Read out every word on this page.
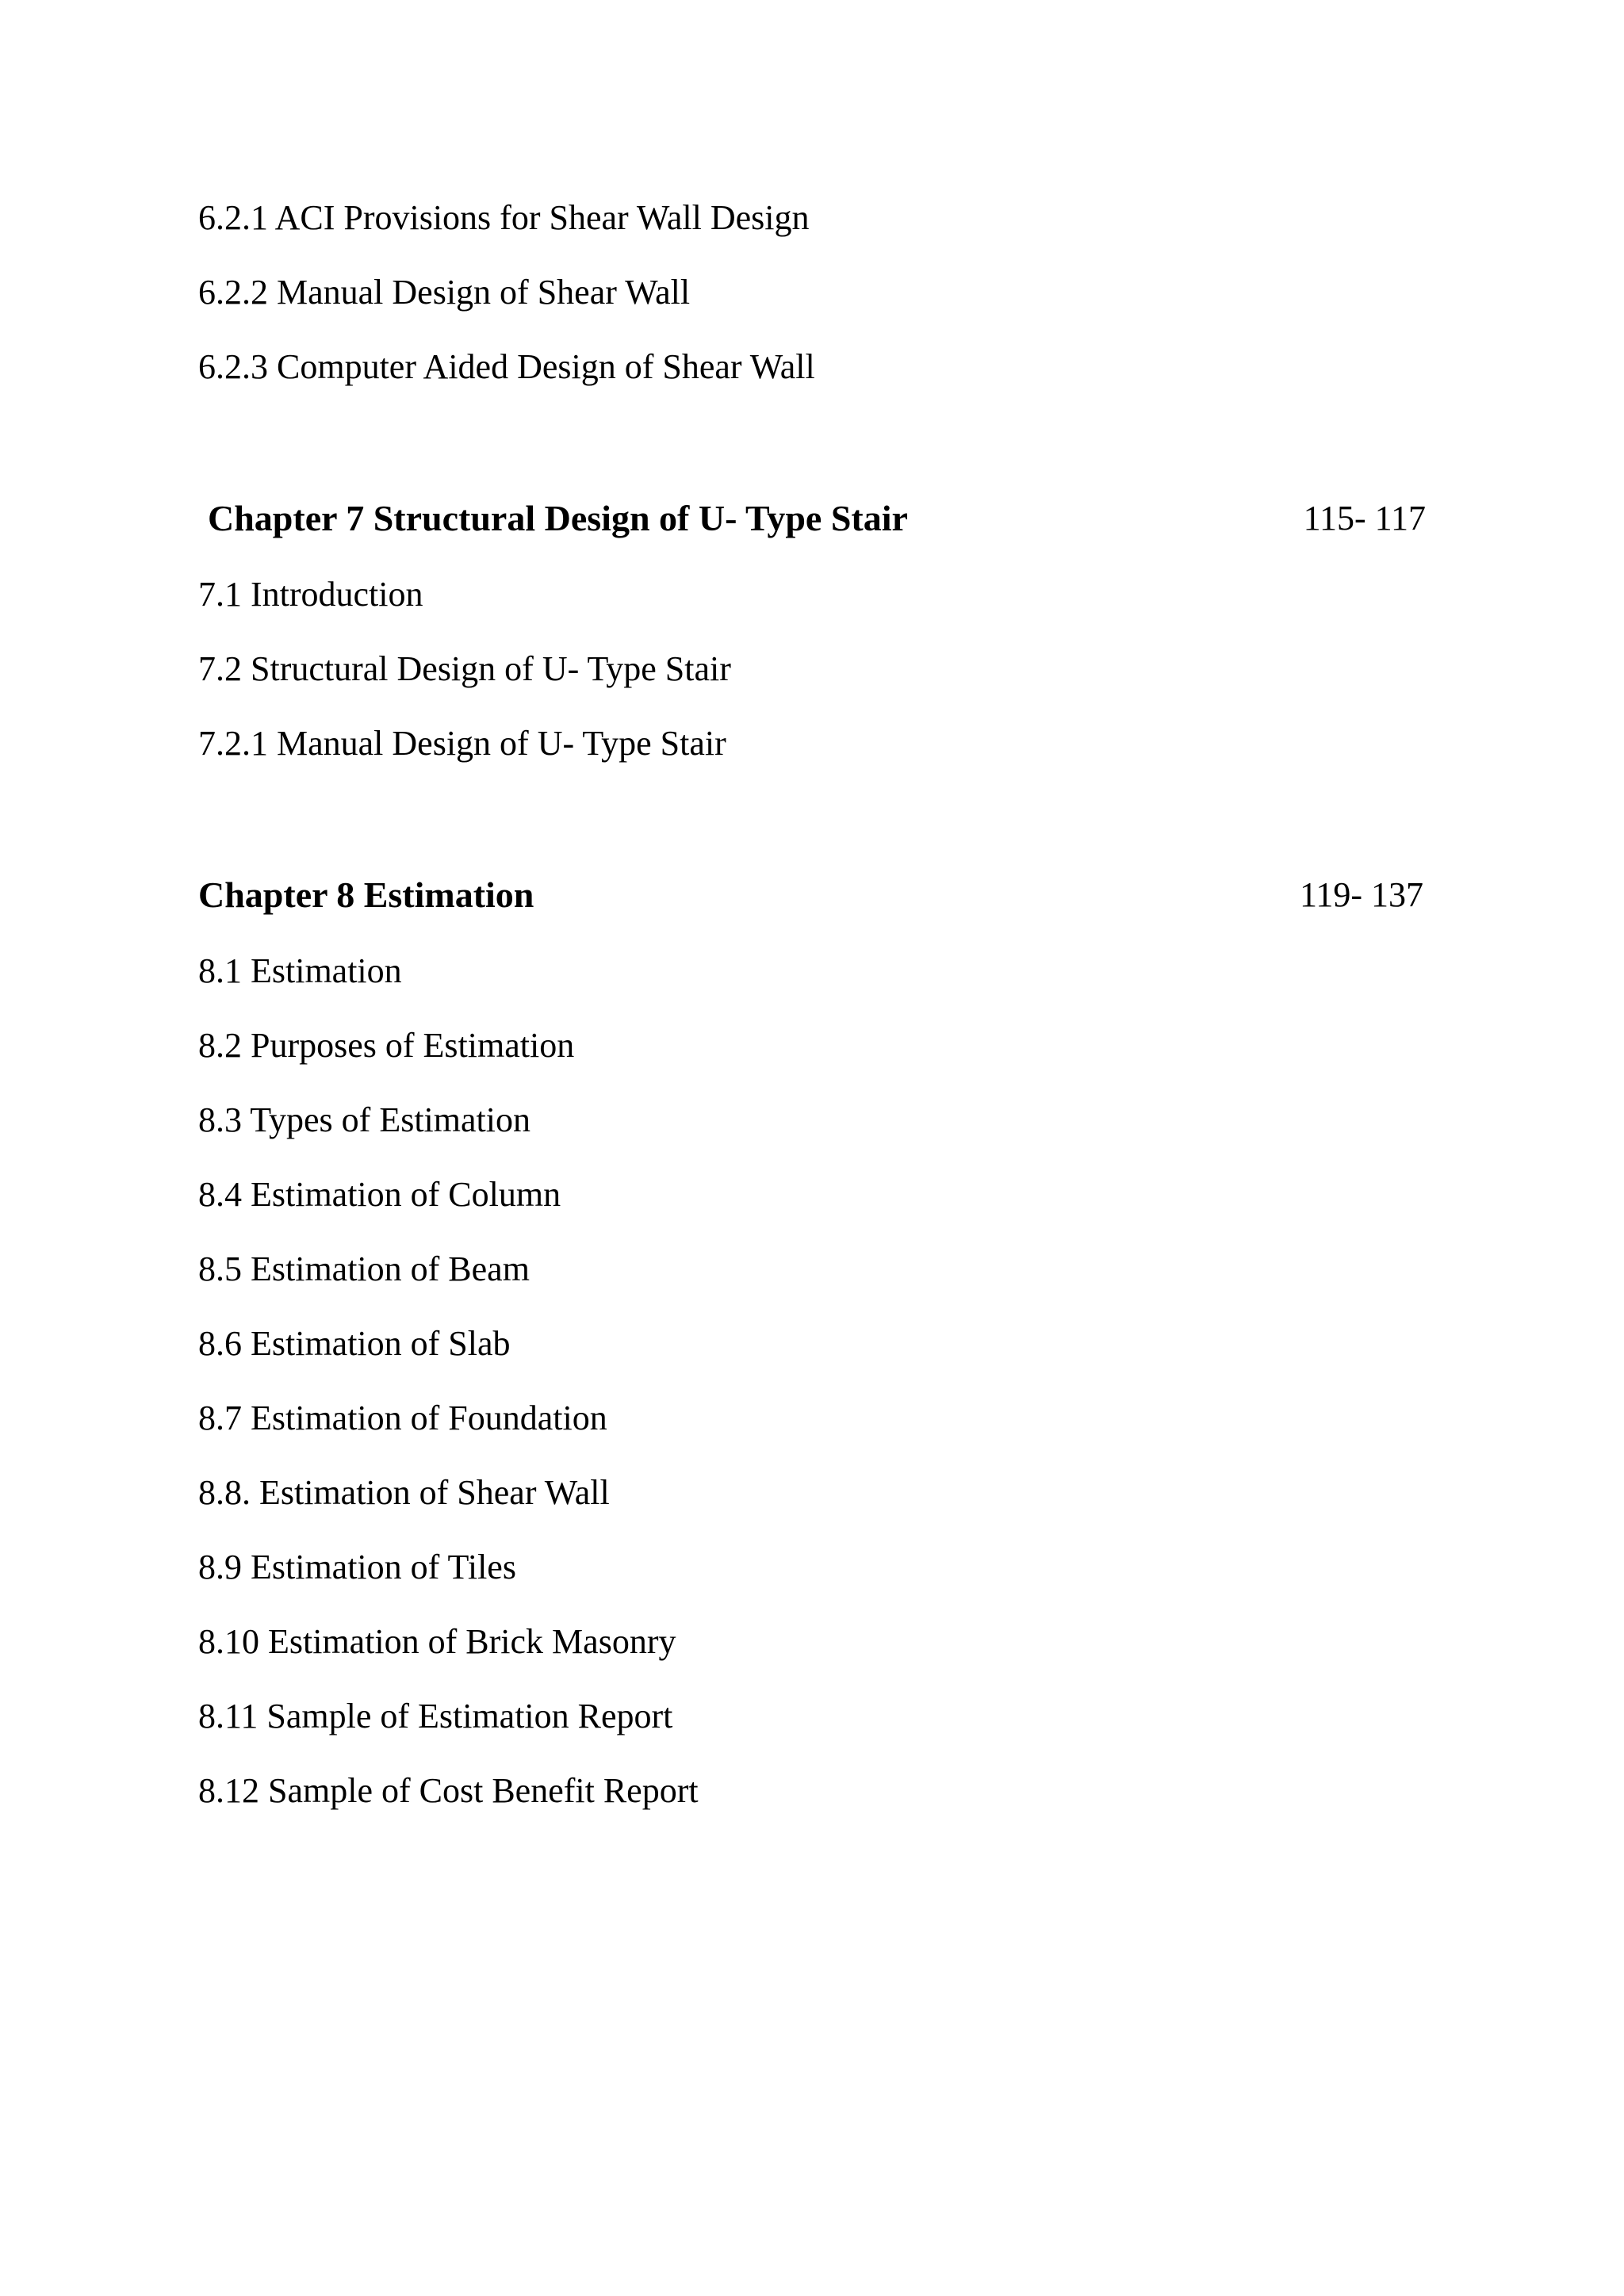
6.2.1 ACI Provisions for Shear Wall Design
6.2.2 Manual Design of Shear Wall
6.2.3 Computer Aided Design of Shear Wall
Chapter 7 Structural Design of U- Type Stair	115- 117
7.1 Introduction
7.2 Structural Design of U- Type Stair
7.2.1 Manual Design of U- Type Stair
Chapter 8 Estimation	119- 137
8.1 Estimation
8.2 Purposes of Estimation
8.3 Types of Estimation
8.4 Estimation of Column
8.5 Estimation of Beam
8.6 Estimation of Slab
8.7 Estimation of Foundation
8.8. Estimation of Shear Wall
8.9 Estimation of Tiles
8.10 Estimation of Brick Masonry
8.11 Sample of Estimation Report
8.12 Sample of Cost Benefit Report
